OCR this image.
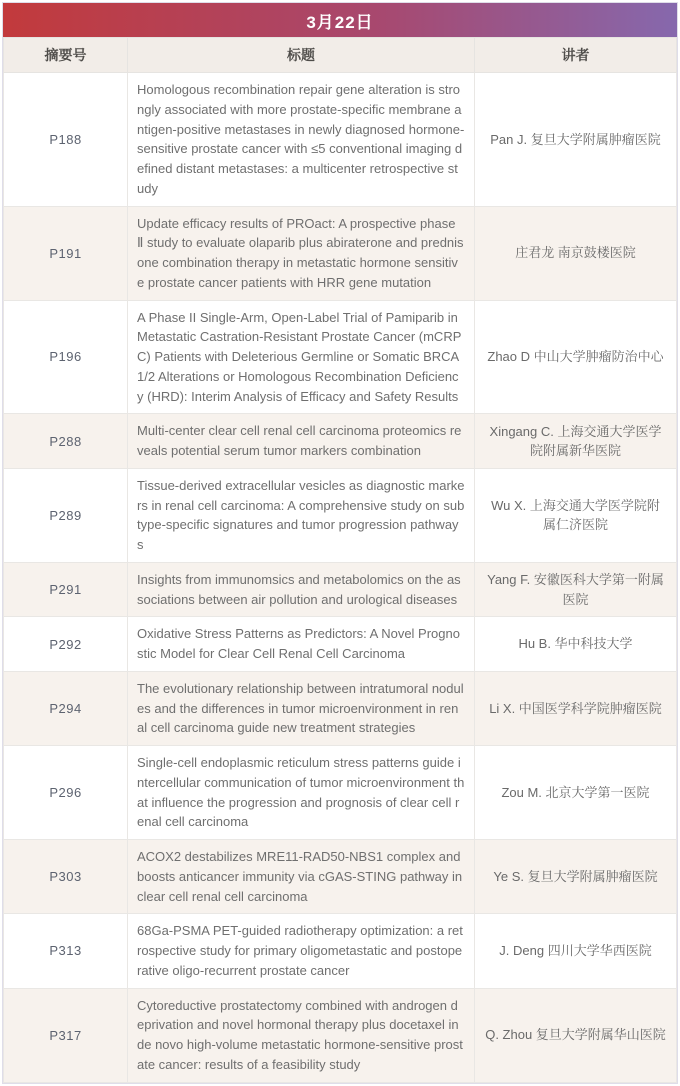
3月22日
摘要号	标题	讲者
P188	Homologous recombination repair gene alteration is strongly associated with more prostate-specific membrane antigen-positive metastases in newly diagnosed hormone-sensitive prostate cancer with ≤5 conventional imaging defined distant metastases: a multicenter retrospective study	Pan J. 复旦大学附属肿瘤医院
P191	Update efficacy results of PROact: A prospective phase Ⅱ study to evaluate olaparib plus abiraterone and prednisone combination therapy in metastatic hormone sensitive prostate cancer patients with HRR gene mutation	庄君龙 南京鼓楼医院
P196	A Phase II Single-Arm, Open-Label Trial of Pamiparib in Metastatic Castration-Resistant Prostate Cancer (mCRPC) Patients with Deleterious Germline or Somatic BRCA1/2 Alterations or Homologous Recombination Deficiency (HRD): Interim Analysis of Efficacy and Safety Results	Zhao D 中山大学肿瘤防治中心
P288	Multi-center clear cell renal cell carcinoma proteomics reveals potential serum tumor markers combination	Xingang C. 上海交通大学医学院附属新华医院
P289	Tissue-derived extracellular vesicles as diagnostic markers in renal cell carcinoma: A comprehensive study on subtype-specific signatures and tumor progression pathways	Wu X. 上海交通大学医学院附属仁济医院
P291	Insights from immunomsics and metabolomics on the associations between air pollution and urological diseases	Yang F. 安徽医科大学第一附属医院
P292	Oxidative Stress Patterns as Predictors: A Novel Prognostic Model for Clear Cell Renal Cell Carcinoma	Hu B. 华中科技大学
P294	The evolutionary relationship between intratumoral nodules and the differences in tumor microenvironment in renal cell carcinoma guide new treatment strategies	Li X. 中国医学科学院肿瘤医院
P296	Single-cell endoplasmic reticulum stress patterns guide intercellular communication of tumor microenvironment that influence the progression and prognosis of clear cell renal cell carcinoma	Zou M. 北京大学第一医院
P303	ACOX2 destabilizes MRE11-RAD50-NBS1 complex and boosts anticancer immunity via cGAS-STING pathway in clear cell renal cell carcinoma	Ye S. 复旦大学附属肿瘤医院
P313	68Ga-PSMA PET-guided radiotherapy optimization: a retrospective study for primary oligometastatic and postoperative oligo-recurrent prostate cancer	J. Deng 四川大学华西医院
P317	Cytoreductive prostatectomy combined with androgen deprivation and novel hormonal therapy plus docetaxel in de novo high-volume metastatic hormone-sensitive prostate cancer: results of a feasibility study	Q. Zhou 复旦大学附属华山医院
